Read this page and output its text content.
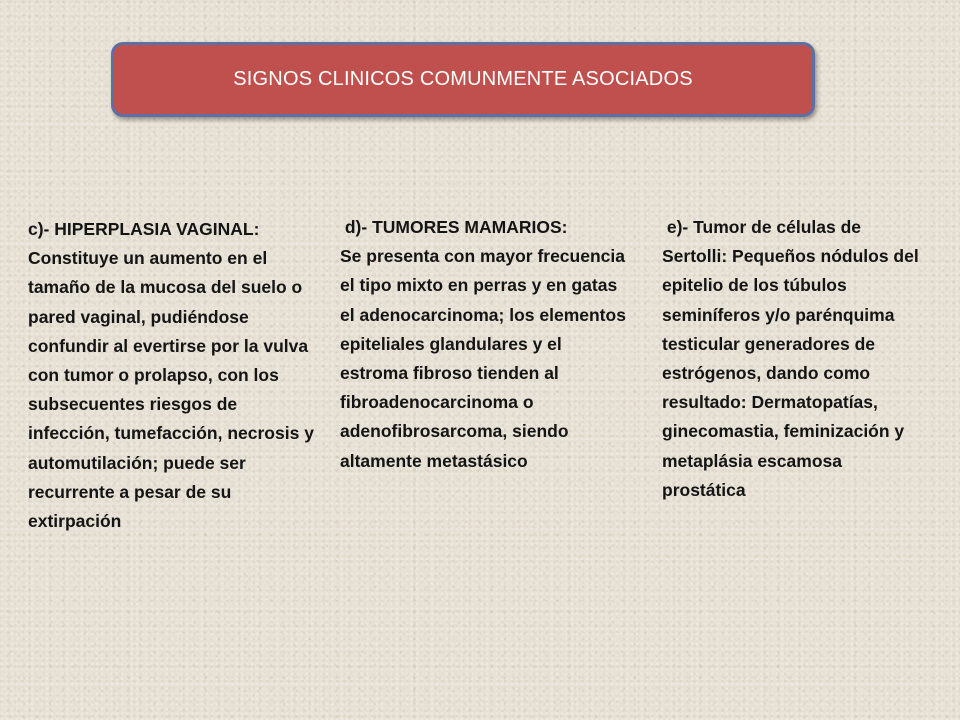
SIGNOS CLINICOS COMUNMENTE ASOCIADOS
c)- HIPERPLASIA VAGINAL:
Constituye un aumento en el tamaño de la mucosa del suelo o pared vaginal, pudiéndose confundir al evertirse por la vulva con tumor o prolapso, con los subsecuentes riesgos de infección, tumefacción, necrosis y automutilación; puede ser recurrente a pesar de su extirpación
d)- TUMORES MAMARIOS:
Se presenta con mayor frecuencia el tipo mixto en perras y en gatas el adenocarcinoma; los elementos epiteliales glandulares y el estroma fibroso tienden al fibroadenocarcinoma o adenofibrosarcoma, siendo altamente metastásico
e)- Tumor de células de Sertolli: Pequeños nódulos del epitelio de los túbulos seminíferos y/o parénquima testicular generadores de estrógenos, dando como resultado: Dermatopatías, ginecomastia, feminización y metaplásia escamosa prostática
